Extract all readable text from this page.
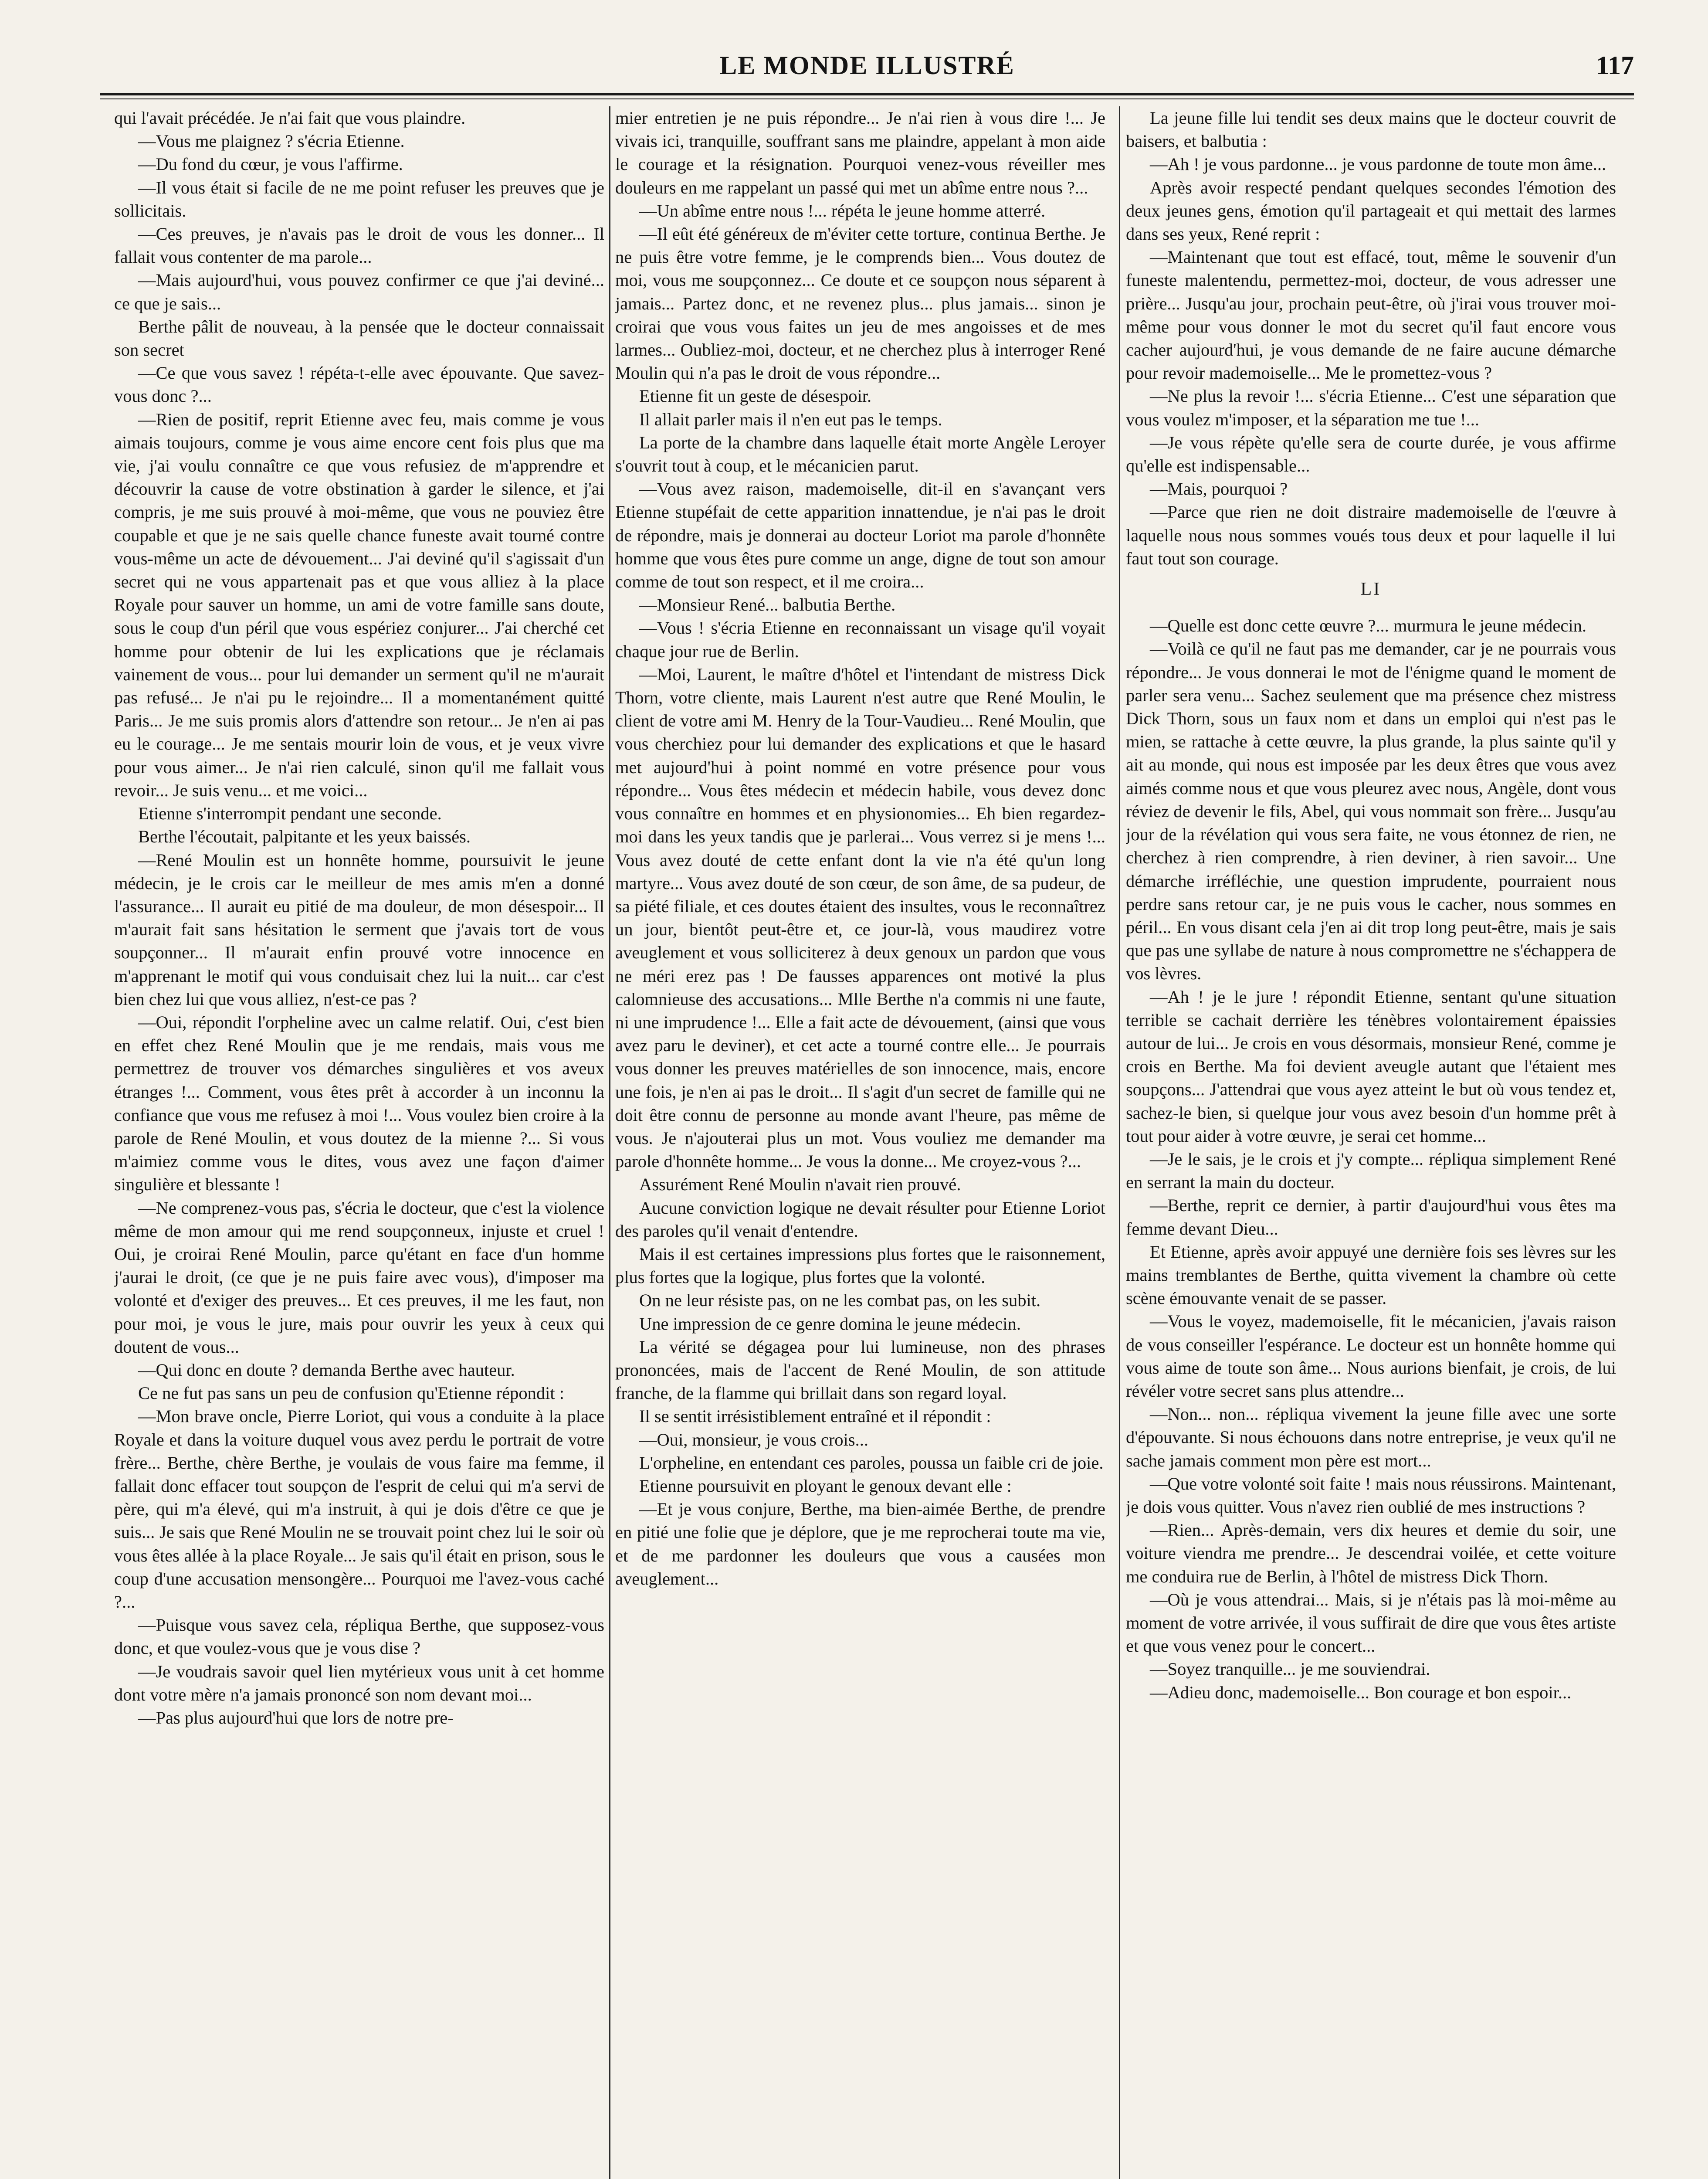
LE MONDE ILLUSTRÉ	117

qui l'avait précédée. Je n'ai fait que vous plaindre.

—Vous me plaignez ? s'écria Etienne.

—Du fond du cœur, je vous l'affirme.

—Il vous était si facile de ne me point refuser les preuves que je sollicitais.

—Ces preuves, je n'avais pas le droit de vous les donner... Il fallait vous contenter de ma parole...

—Mais aujourd'hui, vous pouvez confirmer ce que j'ai deviné... ce que je sais...

Berthe pâlit de nouveau, à la pensée que le docteur connaissait son secret

—Ce que vous savez ! répéta-t-elle avec épouvante. Que savez-vous donc ?...

—Rien de positif, reprit Etienne avec feu, mais comme je vous aimais toujours, comme je vous aime encore cent fois plus que ma vie, j'ai voulu connaître ce que vous refusiez de m'apprendre et découvrir la cause de votre obstination à garder le silence, et j'ai compris, je me suis prouvé à moi-même, que vous ne pouviez être coupable et que je ne sais quelle chance funeste avait tourné contre vous-même un acte de dévouement... J'ai deviné qu'il s'agissait d'un secret qui ne vous appartenait pas et que vous alliez à la place Royale pour sauver un homme, un ami de votre famille sans doute, sous le coup d'un péril que vous espériez conjurer... J'ai cherché cet homme pour obtenir de lui les explications que je réclamais vainement de vous... pour lui demander un serment qu'il ne m'aurait pas refusé... Je n'ai pu le rejoindre... Il a momentanément quitté Paris... Je me suis promis alors d'attendre son retour... Je n'en ai pas eu le courage... Je me sentais mourir loin de vous, et je veux vivre pour vous aimer... Je n'ai rien calculé, sinon qu'il me fallait vous revoir... Je suis venu... et me voici...

Etienne s'interrompit pendant une seconde.

Berthe l'écoutait, palpitante et les yeux baissés.

—René Moulin est un honnête homme, poursuivit le jeune médecin, je le crois car le meilleur de mes amis m'en a donné l'assurance... Il aurait eu pitié de ma douleur, de mon désespoir... Il m'aurait fait sans hésitation le serment que j'avais tort de vous soupçonner... Il m'aurait enfin prouvé votre innocence en m'apprenant le motif qui vous conduisait chez lui la nuit... car c'est bien chez lui que vous alliez, n'est-ce pas ?

—Oui, répondit l'orpheline avec un calme relatif. Oui, c'est bien en effet chez René Moulin que je me rendais, mais vous me permettrez de trouver vos démarches singulières et vos aveux étranges !... Comment, vous êtes prêt à accorder à un inconnu la confiance que vous me refusez à moi !... Vous voulez bien croire à la parole de René Moulin, et vous doutez de la mienne ?... Si vous m'aimiez comme vous le dites, vous avez une façon d'aimer singulière et blessante !

—Ne comprenez-vous pas, s'écria le docteur, que c'est la violence même de mon amour qui me rend soupçonneux, injuste et cruel ! Oui, je croirai René Moulin, parce qu'étant en face d'un homme j'aurai le droit, (ce que je ne puis faire avec vous), d'imposer ma volonté et d'exiger des preuves... Et ces preuves, il me les faut, non pour moi, je vous le jure, mais pour ouvrir les yeux à ceux qui doutent de vous...

—Qui donc en doute ? demanda Berthe avec hauteur.

Ce ne fut pas sans un peu de confusion qu'Etienne répondit :

—Mon brave oncle, Pierre Loriot, qui vous a conduite à la place Royale et dans la voiture duquel vous avez perdu le portrait de votre frère... Berthe, chère Berthe, je voulais de vous faire ma femme, il fallait donc effacer tout soupçon de l'esprit de celui qui m'a servi de père, qui m'a élevé, qui m'a instruit, à qui je dois d'être ce que je suis... Je sais que René Moulin ne se trouvait point chez lui le soir où vous êtes allée à la place Royale... Je sais qu'il était en prison, sous le coup d'une accusation mensongère... Pourquoi me l'avez-vous caché ?...

—Puisque vous savez cela, répliqua Berthe, que supposez-vous donc, et que voulez-vous que je vous dise ?

—Je voudrais savoir quel lien mytérieux vous unit à cet homme dont votre mère n'a jamais prononcé son nom devant moi...

—Pas plus aujourd'hui que lors de notre pre-

mier entretien je ne puis répondre... Je n'ai rien à vous dire !... Je vivais ici, tranquille, souffrant sans me plaindre, appelant à mon aide le courage et la résignation. Pourquoi venez-vous réveiller mes douleurs en me rappelant un passé qui met un abîme entre nous ?...

—Un abîme entre nous !... répéta le jeune homme atterré.

—Il eût été généreux de m'éviter cette torture, continua Berthe. Je ne puis être votre femme, je le comprends bien... Vous doutez de moi, vous me soupçonnez... Ce doute et ce soupçon nous séparent à jamais... Partez donc, et ne revenez plus... plus jamais... sinon je croirai que vous vous faites un jeu de mes angoisses et de mes larmes... Oubliez-moi, docteur, et ne cherchez plus à interroger René Moulin qui n'a pas le droit de vous répondre...

Etienne fit un geste de désespoir.

Il allait parler mais il n'en eut pas le temps.

La porte de la chambre dans laquelle était morte Angèle Leroyer s'ouvrit tout à coup, et le mécanicien parut.

—Vous avez raison, mademoiselle, dit-il en s'avançant vers Etienne stupéfait de cette apparition innattendue, je n'ai pas le droit de répondre, mais je donnerai au docteur Loriot ma parole d'honnête homme que vous êtes pure comme un ange, digne de tout son amour comme de tout son respect, et il me croira...

—Monsieur René... balbutia Berthe.

—Vous ! s'écria Etienne en reconnaissant un visage qu'il voyait chaque jour rue de Berlin.

—Moi, Laurent, le maître d'hôtel et l'intendant de mistress Dick Thorn, votre cliente, mais Laurent n'est autre que René Moulin, le client de votre ami M. Henry de la Tour-Vaudieu... René Moulin, que vous cherchiez pour lui demander des explications et que le hasard met aujourd'hui à point nommé en votre présence pour vous répondre... Vous êtes médecin et médecin habile, vous devez donc vous connaître en hommes et en physionomies... Eh bien regardez-moi dans les yeux tandis que je parlerai... Vous verrez si je mens !... Vous avez douté de cette enfant dont la vie n'a été qu'un long martyre... Vous avez douté de son cœur, de son âme, de sa pudeur, de sa piété filiale, et ces doutes étaient des insultes, vous le reconnaîtrez un jour, bientôt peut-être et, ce jour-là, vous maudirez votre aveuglement et vous solliciterez à deux genoux un pardon que vous ne méri erez pas ! De fausses apparences ont motivé la plus calomnieuse des accusations... Mlle Berthe n'a commis ni une faute, ni une imprudence !... Elle a fait acte de dévouement, (ainsi que vous avez paru le deviner), et cet acte a tourné contre elle... Je pourrais vous donner les preuves matérielles de son innocence, mais, encore une fois, je n'en ai pas le droit... Il s'agit d'un secret de famille qui ne doit être connu de personne au monde avant l'heure, pas même de vous. Je n'ajouterai plus un mot. Vous vouliez me demander ma parole d'honnête homme... Je vous la donne... Me croyez-vous ?...

Assurément René Moulin n'avait rien prouvé.

Aucune conviction logique ne devait résulter pour Etienne Loriot des paroles qu'il venait d'entendre.

Mais il est certaines impressions plus fortes que le raisonnement, plus fortes que la logique, plus fortes que la volonté.

On ne leur résiste pas, on ne les combat pas, on les subit.

Une impression de ce genre domina le jeune médecin.

La vérité se dégagea pour lui lumineuse, non des phrases prononcées, mais de l'accent de René Moulin, de son attitude franche, de la flamme qui brillait dans son regard loyal.

Il se sentit irrésistiblement entraîné et il répondit :

—Oui, monsieur, je vous crois...

L'orpheline, en entendant ces paroles, poussa un faible cri de joie.

Etienne poursuivit en ployant le genoux devant elle :

—Et je vous conjure, Berthe, ma bien-aimée Berthe, de prendre en pitié une folie que je déplore, que je me reprocherai toute ma vie, et de me pardonner les douleurs que vous a causées mon aveuglement...

La jeune fille lui tendit ses deux mains que le docteur couvrit de baisers, et balbutia :

—Ah ! je vous pardonne... je vous pardonne de toute mon âme...

Après avoir respecté pendant quelques secondes l'émotion des deux jeunes gens, émotion qu'il partageait et qui mettait des larmes dans ses yeux, René reprit :

—Maintenant que tout est effacé, tout, même le souvenir d'un funeste malentendu, permettez-moi, docteur, de vous adresser une prière... Jusqu'au jour, prochain peut-être, où j'irai vous trouver moi-même pour vous donner le mot du secret qu'il faut encore vous cacher aujourd'hui, je vous demande de ne faire aucune démarche pour revoir mademoiselle... Me le promettez-vous ?

—Ne plus la revoir !... s'écria Etienne... C'est une séparation que vous voulez m'imposer, et la séparation me tue !...

—Je vous répète qu'elle sera de courte durée, je vous affirme qu'elle est indispensable...

—Mais, pourquoi ?

—Parce que rien ne doit distraire mademoiselle de l'œuvre à laquelle nous nous sommes voués tous deux et pour laquelle il lui faut tout son courage.

LI

—Quelle est donc cette œuvre ?... murmura le jeune médecin.

—Voilà ce qu'il ne faut pas me demander, car je ne pourrais vous répondre... Je vous donnerai le mot de l'énigme quand le moment de parler sera venu... Sachez seulement que ma présence chez mistress Dick Thorn, sous un faux nom et dans un emploi qui n'est pas le mien, se rattache à cette œuvre, la plus grande, la plus sainte qu'il y ait au monde, qui nous est imposée par les deux êtres que vous avez aimés comme nous et que vous pleurez avec nous, Angèle, dont vous réviez de devenir le fils, Abel, qui vous nommait son frère... Jusqu'au jour de la révélation qui vous sera faite, ne vous étonnez de rien, ne cherchez à rien comprendre, à rien deviner, à rien savoir... Une démarche irréfléchie, une question imprudente, pourraient nous perdre sans retour car, je ne puis vous le cacher, nous sommes en péril... En vous disant cela j'en ai dit trop long peut-être, mais je sais que pas une syllabe de nature à nous compromettre ne s'échappera de vos lèvres.

—Ah ! je le jure ! répondit Etienne, sentant qu'une situation terrible se cachait derrière les ténèbres volontairement épaissies autour de lui... Je crois en vous désormais, monsieur René, comme je crois en Berthe. Ma foi devient aveugle autant que l'étaient mes soupçons... J'attendrai que vous ayez atteint le but où vous tendez et, sachez-le bien, si quelque jour vous avez besoin d'un homme prêt à tout pour aider à votre œuvre, je serai cet homme...

—Je le sais, je le crois et j'y compte... répliqua simplement René en serrant la main du docteur.

—Berthe, reprit ce dernier, à partir d'aujourd'hui vous êtes ma femme devant Dieu...

Et Etienne, après avoir appuyé une dernière fois ses lèvres sur les mains tremblantes de Berthe, quitta vivement la chambre où cette scène émouvante venait de se passer.

—Vous le voyez, mademoiselle, fit le mécanicien, j'avais raison de vous conseiller l'espérance. Le docteur est un honnête homme qui vous aime de toute son âme... Nous aurions bienfait, je crois, de lui révéler votre secret sans plus attendre...

—Non... non... répliqua vivement la jeune fille avec une sorte d'épouvante. Si nous échouons dans notre entreprise, je veux qu'il ne sache jamais comment mon père est mort...

—Que votre volonté soit faite ! mais nous réussirons. Maintenant, je dois vous quitter. Vous n'avez rien oublié de mes instructions ?

—Rien... Après-demain, vers dix heures et demie du soir, une voiture viendra me prendre... Je descendrai voilée, et cette voiture me conduira rue de Berlin, à l'hôtel de mistress Dick Thorn.

—Où je vous attendrai... Mais, si je n'étais pas là moi-même au moment de votre arrivée, il vous suffirait de dire que vous êtes artiste et que vous venez pour le concert...

—Soyez tranquille... je me souviendrai.

—Adieu donc, mademoiselle... Bon courage et bon espoir...
